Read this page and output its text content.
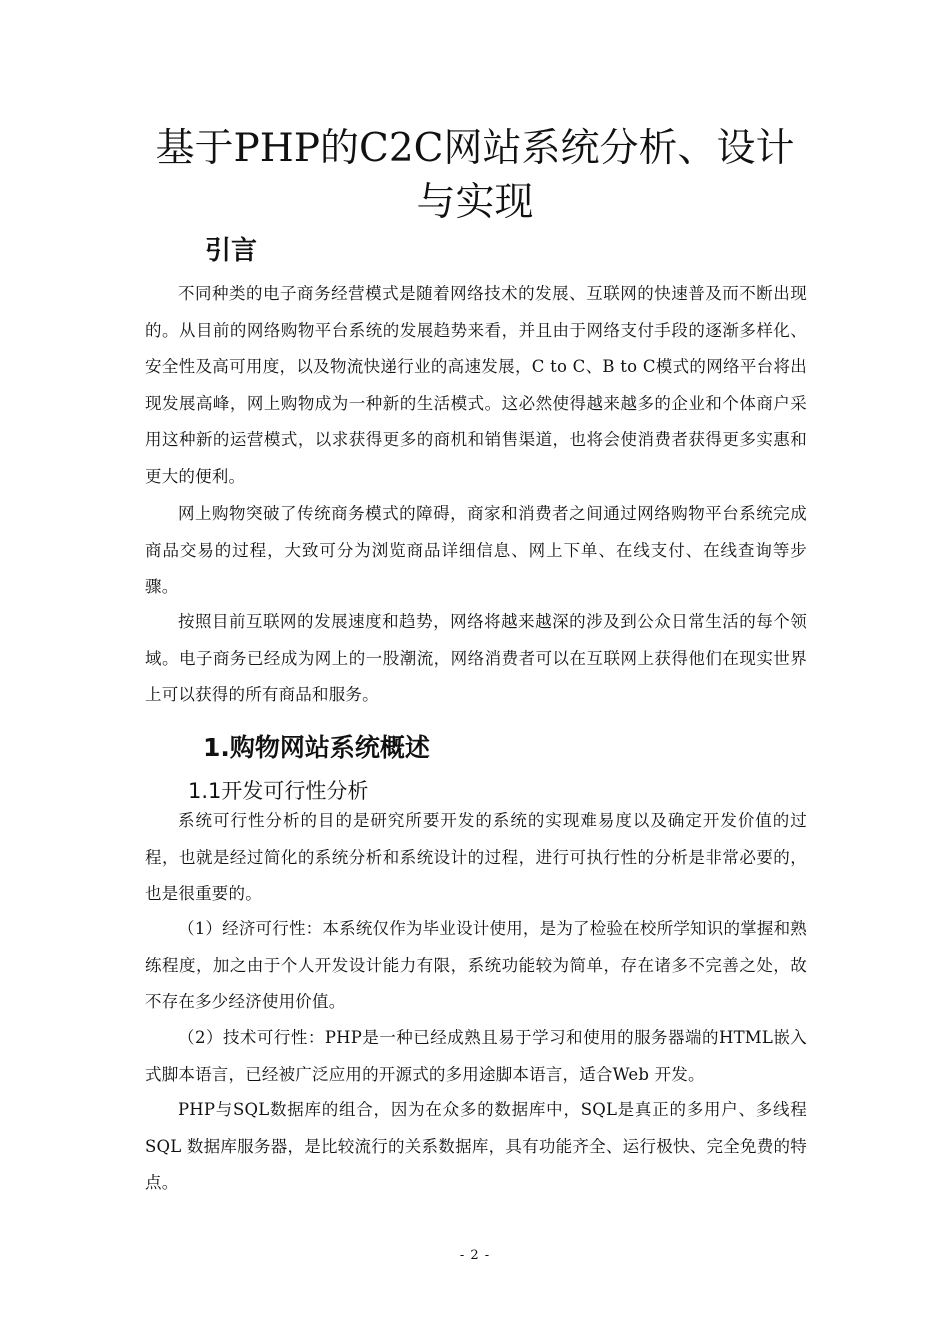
基于PHP的C2C网站系统分析、设计与实现
引言

不同种类的电子商务经营模式是随着网络技术的发展、互联网的快速普及而不断出现的。从目前的网络购物平台系统的发展趋势来看，并且由于网络支付手段的逐渐多样化、安全性及高可用度，以及物流快递行业的高速发展，C to C、B to C模式的网络平台将出现发展高峰，网上购物成为一种新的生活模式。这必然使得越来越多的企业和个体商户采用这种新的运营模式，以求获得更多的商机和销售渠道，也将会使消费者获得更多实惠和更大的便利。

网上购物突破了传统商务模式的障碍，商家和消费者之间通过网络购物平台系统完成商品交易的过程，大致可分为浏览商品详细信息、网上下单、在线支付、在线查询等步骤。

按照目前互联网的发展速度和趋势，网络将越来越深的涉及到公众日常生活的每个领域。电子商务已经成为网上的一股潮流，网络消费者可以在互联网上获得他们在现实世界上可以获得的所有商品和服务。

1.购物网站系统概述
1.1开发可行性分析

系统可行性分析的目的是研究所要开发的系统的实现难易度以及确定开发价值的过程，也就是经过简化的系统分析和系统设计的过程，进行可执行性的分析是非常必要的，也是很重要的。

（1）经济可行性：本系统仅作为毕业设计使用，是为了检验在校所学知识的掌握和熟练程度，加之由于个人开发设计能力有限，系统功能较为简单，存在诸多不完善之处，故不存在多少经济使用价值。

（2）技术可行性：PHP是一种已经成熟且易于学习和使用的服务器端的HTML嵌入式脚本语言，已经被广泛应用的开源式的多用途脚本语言，适合Web 开发。

PHP与SQL数据库的组合，因为在众多的数据库中，SQL是真正的多用户、多线程SQL 数据库服务器，是比较流行的关系数据库，具有功能齐全、运行极快、完全免费的特点。

- 2 -
